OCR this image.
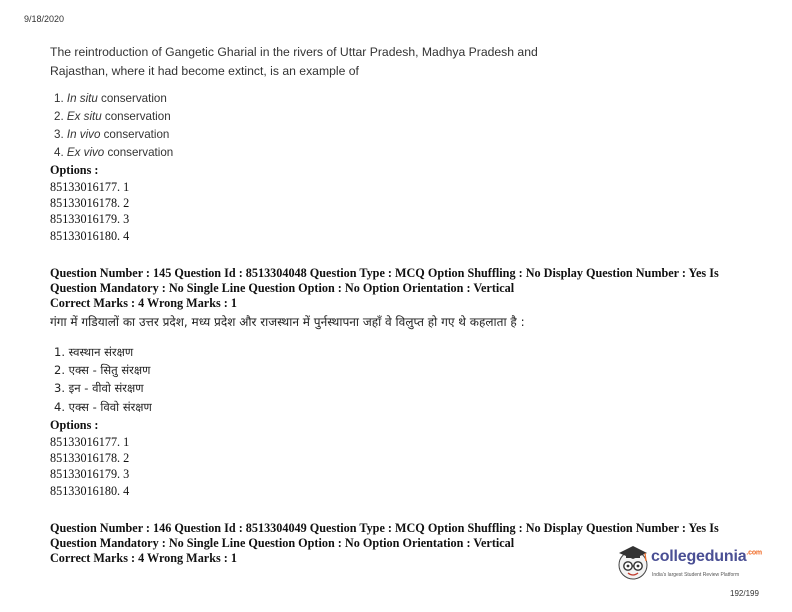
9/18/2020
The reintroduction of Gangetic Gharial in the rivers of Uttar Pradesh, Madhya Pradesh and
Rajasthan, where it had become extinct, is an example of
1. In situ conservation
2. Ex situ conservation
3. In vivo conservation
4. Ex vivo conservation
Options :
85133016177. 1
85133016178. 2
85133016179. 3
85133016180. 4
Question Number : 145 Question Id : 8513304048 Question Type : MCQ Option Shuffling : No Display Question Number : Yes Is
Question Mandatory : No Single Line Question Option : No Option Orientation : Vertical
Correct Marks : 4 Wrong Marks : 1
गंगा में गडियालों का उत्तर प्रदेश, मध्य प्रदेश और राजस्थान में पुर्नस्थापना जहाँ वे विलुप्त हो गए थे कहलाता है :
1. स्वस्थान संरक्षण
2. एक्स - सितु संरक्षण
3. इन - वीवो संरक्षण
4. एक्स - विवो संरक्षण
Options :
85133016177. 1
85133016178. 2
85133016179. 3
85133016180. 4
Question Number : 146 Question Id : 8513304049 Question Type : MCQ Option Shuffling : No Display Question Number : Yes Is
Question Mandatory : No Single Line Question Option : No Option Orientation : Vertical
Correct Marks : 4 Wrong Marks : 1	collegedunia$^{.com}$
India's largest Student Review Platform
192/199
